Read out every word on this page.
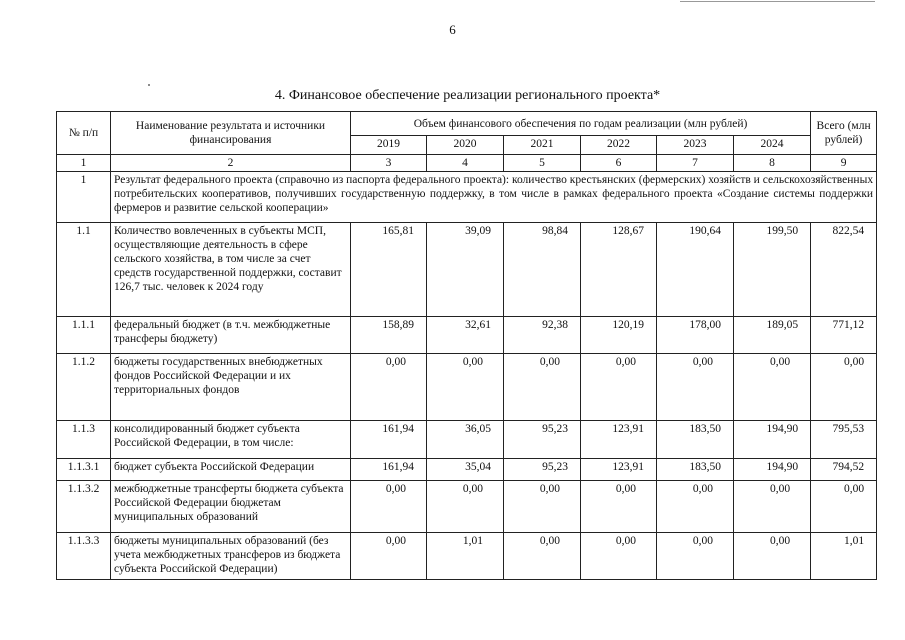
6
4. Финансовое обеспечение реализации регионального проекта*
№ п/п	Наименование результата и источники финансирования	Объем финансового обеспечения по годам реализации (млн рублей)						Всего (млн рублей)
		2019	2020	2021	2022	2023	2024	
1	2	3	4	5	6	7	8	9
1	Результат федерального проекта (справочно из паспорта федерального проекта): количество крестьянских (фермерских) хозяйств и сельскохозяйственных потребительских кооперативов, получивших государственную поддержку, в том числе в рамках федерального проекта «Создание системы поддержки фермеров и развитие сельской кооперации»							
1.1	Количество вовлеченных в субъекты МСП, осуществляющие деятельность в сфере сельского хозяйства, в том числе за счет средств государственной поддержки, составит 126,7 тыс. человек к 2024 году	165,81	39,09	98,84	128,67	190,64	199,50	822,54
1.1.1	федеральный бюджет (в т.ч. межбюджетные трансферы бюджету)	158,89	32,61	92,38	120,19	178,00	189,05	771,12
1.1.2	бюджеты государственных внебюджетных фондов Российской Федерации и их территориальных фондов	0,00	0,00	0,00	0,00	0,00	0,00	0,00
1.1.3	консолидированный бюджет субъекта Российской Федерации, в том числе:	161,94	36,05	95,23	123,91	183,50	194,90	795,53
1.1.3.1	бюджет субъекта Российской Федерации	161,94	35,04	95,23	123,91	183,50	194,90	794,52
1.1.3.2	межбюджетные трансферты бюджета субъекта Российской Федерации бюджетам муниципальных образований	0,00	0,00	0,00	0,00	0,00	0,00	0,00
1.1.3.3	бюджеты муниципальных образований (без учета межбюджетных трансферов из бюджета субъекта Российской Федерации)	0,00	1,01	0,00	0,00	0,00	0,00	1,01
